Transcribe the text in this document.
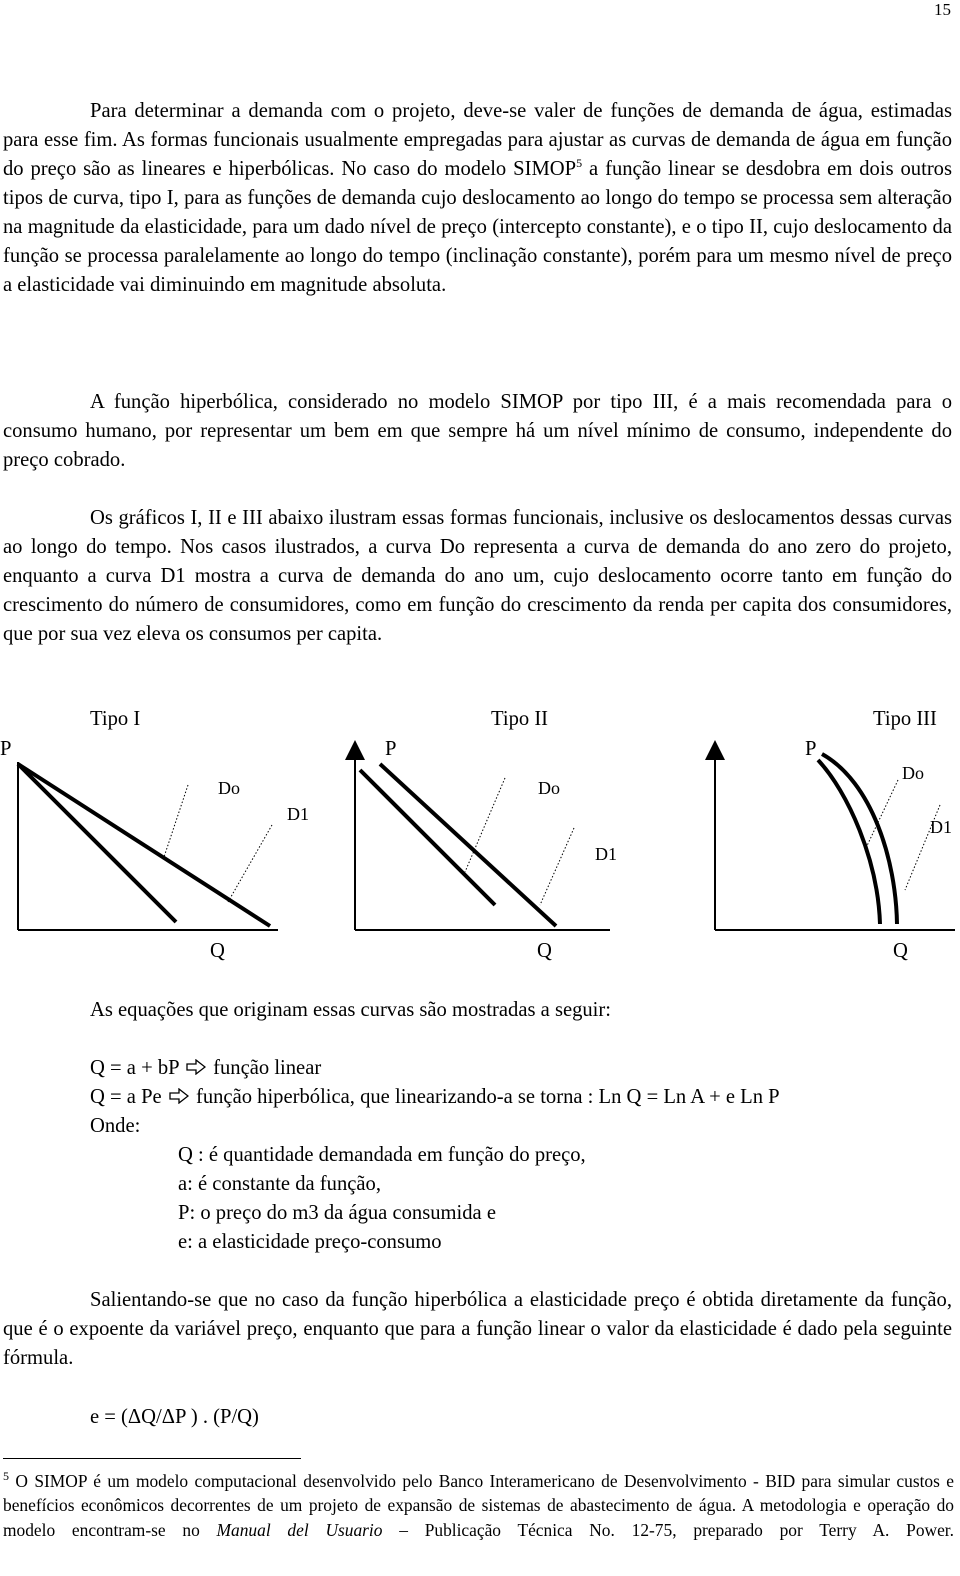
15

Para determinar a demanda com o projeto, deve-se valer de funções de demanda de água, estimadas para esse fim. As formas funcionais usualmente empregadas para ajustar as curvas de demanda de água em função do preço são as lineares e hiperbólicas. No caso do modelo SIMOP$^5$ a função linear se desdobra em dois outros tipos de curva, tipo I, para as funções de demanda cujo deslocamento ao longo do tempo se processa sem alteração na magnitude da elasticidade, para um dado nível de preço (intercepto constante), e o tipo II, cujo deslocamento da função se processa paralelamente ao longo do tempo (inclinação constante), porém para um mesmo nível de preço a elasticidade vai diminuindo em magnitude absoluta.

A função hiperbólica, considerado no modelo SIMOP por tipo III, é a mais recomendada para o consumo humano, por representar um bem em que sempre há um nível mínimo de consumo, independente do preço cobrado.

Os gráficos I, II e III abaixo ilustram essas formas funcionais, inclusive os deslocamentos dessas curvas ao longo do tempo. Nos casos ilustrados, a curva Do representa a curva de demanda do ano zero do projeto, enquanto a curva D1 mostra a curva de demanda do ano um, cujo deslocamento ocorre tanto em função do crescimento do número de consumidores, como em função do crescimento da renda per capita dos consumidores, que por sua vez eleva os consumos per capita.

Tipo I
P
Do
D1
Q
Tipo II
P
Do
D1
Q
Tipo III
P
Do
D1
Q

As equações que originam essas curvas são mostradas a seguir:

Q = a + bP função linear

Q = a Pe função hiperbólica, que linearizando-a se torna : Ln Q = Ln A + e Ln P

Onde:

Q : é quantidade demandada em função do preço,

a: é constante da função,

P: o preço do m3 da água consumida e

e: a elasticidade preço-consumo

Salientando-se que no caso da função hiperbólica a elasticidade preço é obtida diretamente da função, que é o expoente da variável preço, enquanto que para a função linear o valor da elasticidade é dado pela seguinte fórmula.

e = (ΔQ/ΔP ) . (P/Q)

$^5$ O SIMOP é um modelo computacional desenvolvido pelo Banco Interamericano de Desenvolvimento - BID para simular custos e benefícios econômicos decorrentes de um projeto de expansão de sistemas de abastecimento de água. A metodologia e operação do modelo encontram-se no Manual del Usuario – Publicação Técnica No. 12-75, preparado por Terry A. Power.
